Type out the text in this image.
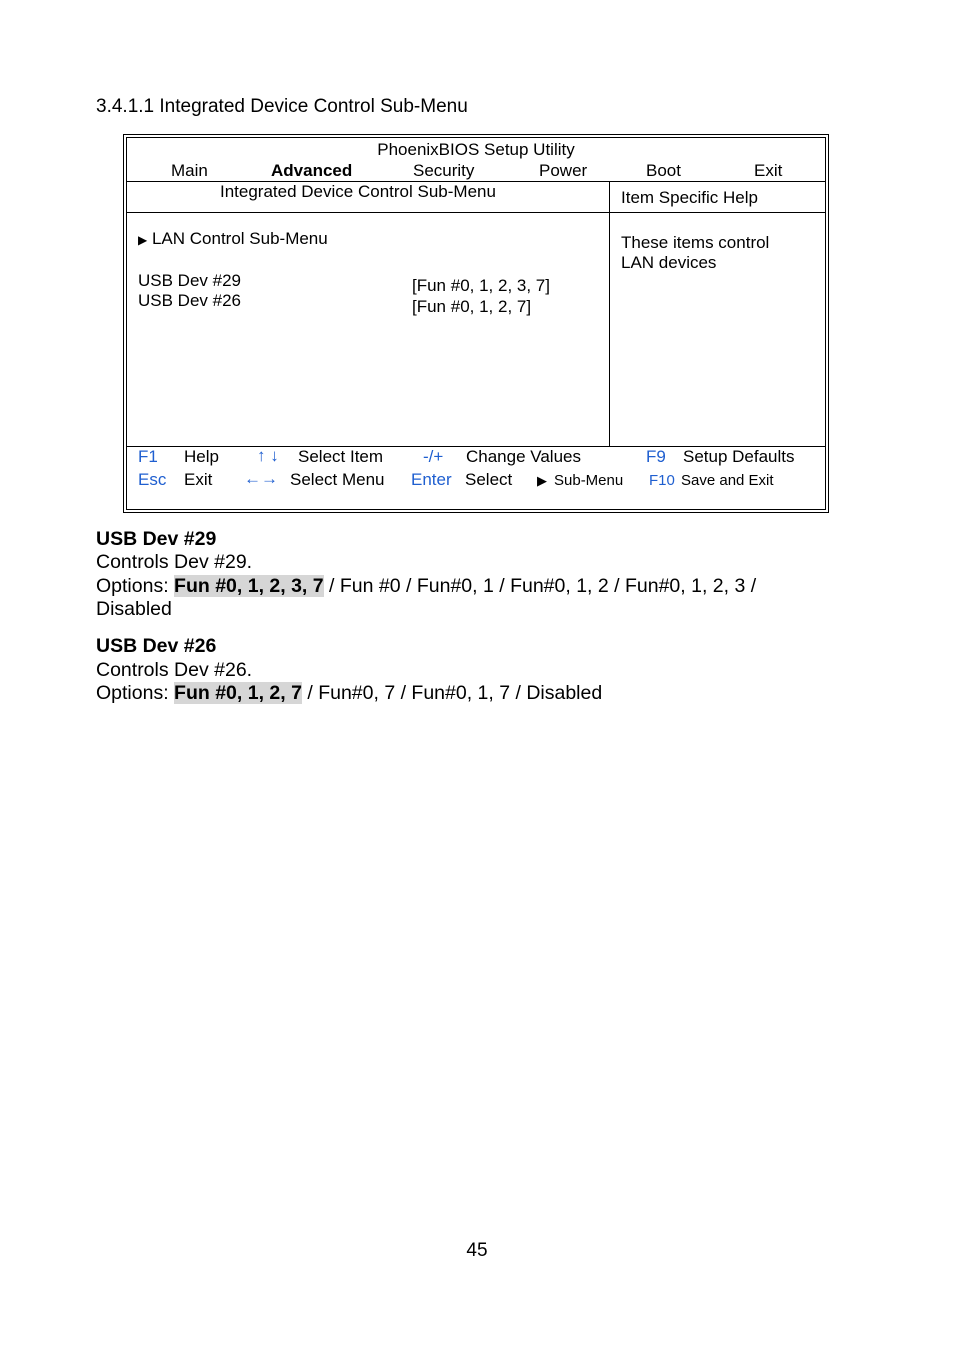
3.4.1.1 Integrated Device Control Sub-Menu
PhoenixBIOS Setup Utility
Main	Advanced	Security	Power	Boot	Exit
Integrated Device Control Sub-Menu	Item Specific Help
▶ LAN Control Sub-Menu
USB Dev #29	[Fun #0, 1, 2, 3, 7]
USB Dev #26	[Fun #0, 1, 2, 7]
These items control
LAN devices
F1 Help ↑ ↓ Select Item -/+ Change Values	F9 Setup Defaults
Esc Exit ←→ Select Menu Enter Select ▶ Sub-Menu F10 Save and Exit
USB Dev #29
Controls Dev #29.
Options: Fun #0, 1, 2, 3, 7 / Fun #0 / Fun#0, 1 / Fun#0, 1, 2 / Fun#0, 1, 2, 3 /
Disabled
USB Dev #26
Controls Dev #26.
Options: Fun #0, 1, 2, 7 / Fun#0, 7 / Fun#0, 1, 7 / Disabled
45
